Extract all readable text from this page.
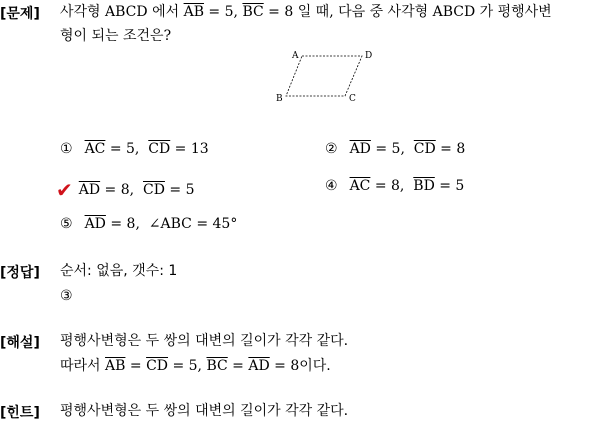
[문제] 사각형 ABCD 에서 $\overline{AB} = 5$, $\overline{BC} = 8$ 일 때, 다음 중 사각형 ABCD 가 평행사변
형이 되는 조건은?
A	D
B	C
① $\overline{AC} = 5$,  $\overline{CD} = 13$	② $\overline{AD} = 5$,  $\overline{CD} = 8$
✔ $\overline{AD} = 8$,  $\overline{CD} = 5$	④ $\overline{AC} = 8$,  $\overline{BD} = 5$
⑤ $\overline{AD} = 8$,  ∠ABC = 45°
[정답] 순서: 없음, 갯수: 1
③
[해설] 평행사변형은 두 쌍의 대변의 길이가 각각 같다.
따라서 $\overline{AB} = \overline{CD} = 5$, $\overline{BC} = \overline{AD} = 8$이다.
[힌트] 평행사변형은 두 쌍의 대변의 길이가 각각 같다.
